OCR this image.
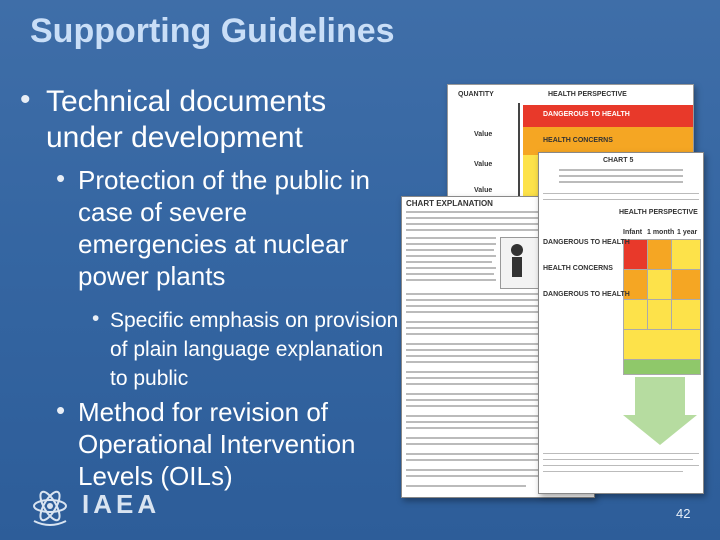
Supporting Guidelines
• Technical documents under development
• Protection of the public in case of severe emergencies at nuclear power plants
• Specific emphasis on provision of plain language explanation to public
• Method for revision of Operational Intervention Levels (OILs)
QUANTITY	HEALTH PERSPECTIVE
DANGEROUS TO HEALTH
HEALTH CONCERNS
Value
Value
Value
CHART EXPLANATION
CHART 5
HEALTH PERSPECTIVE
Infant 1 month 1 year
DANGEROUS TO HEALTH
HEALTH CONCERNS
DANGEROUS TO HEALTH
IAEA	42
